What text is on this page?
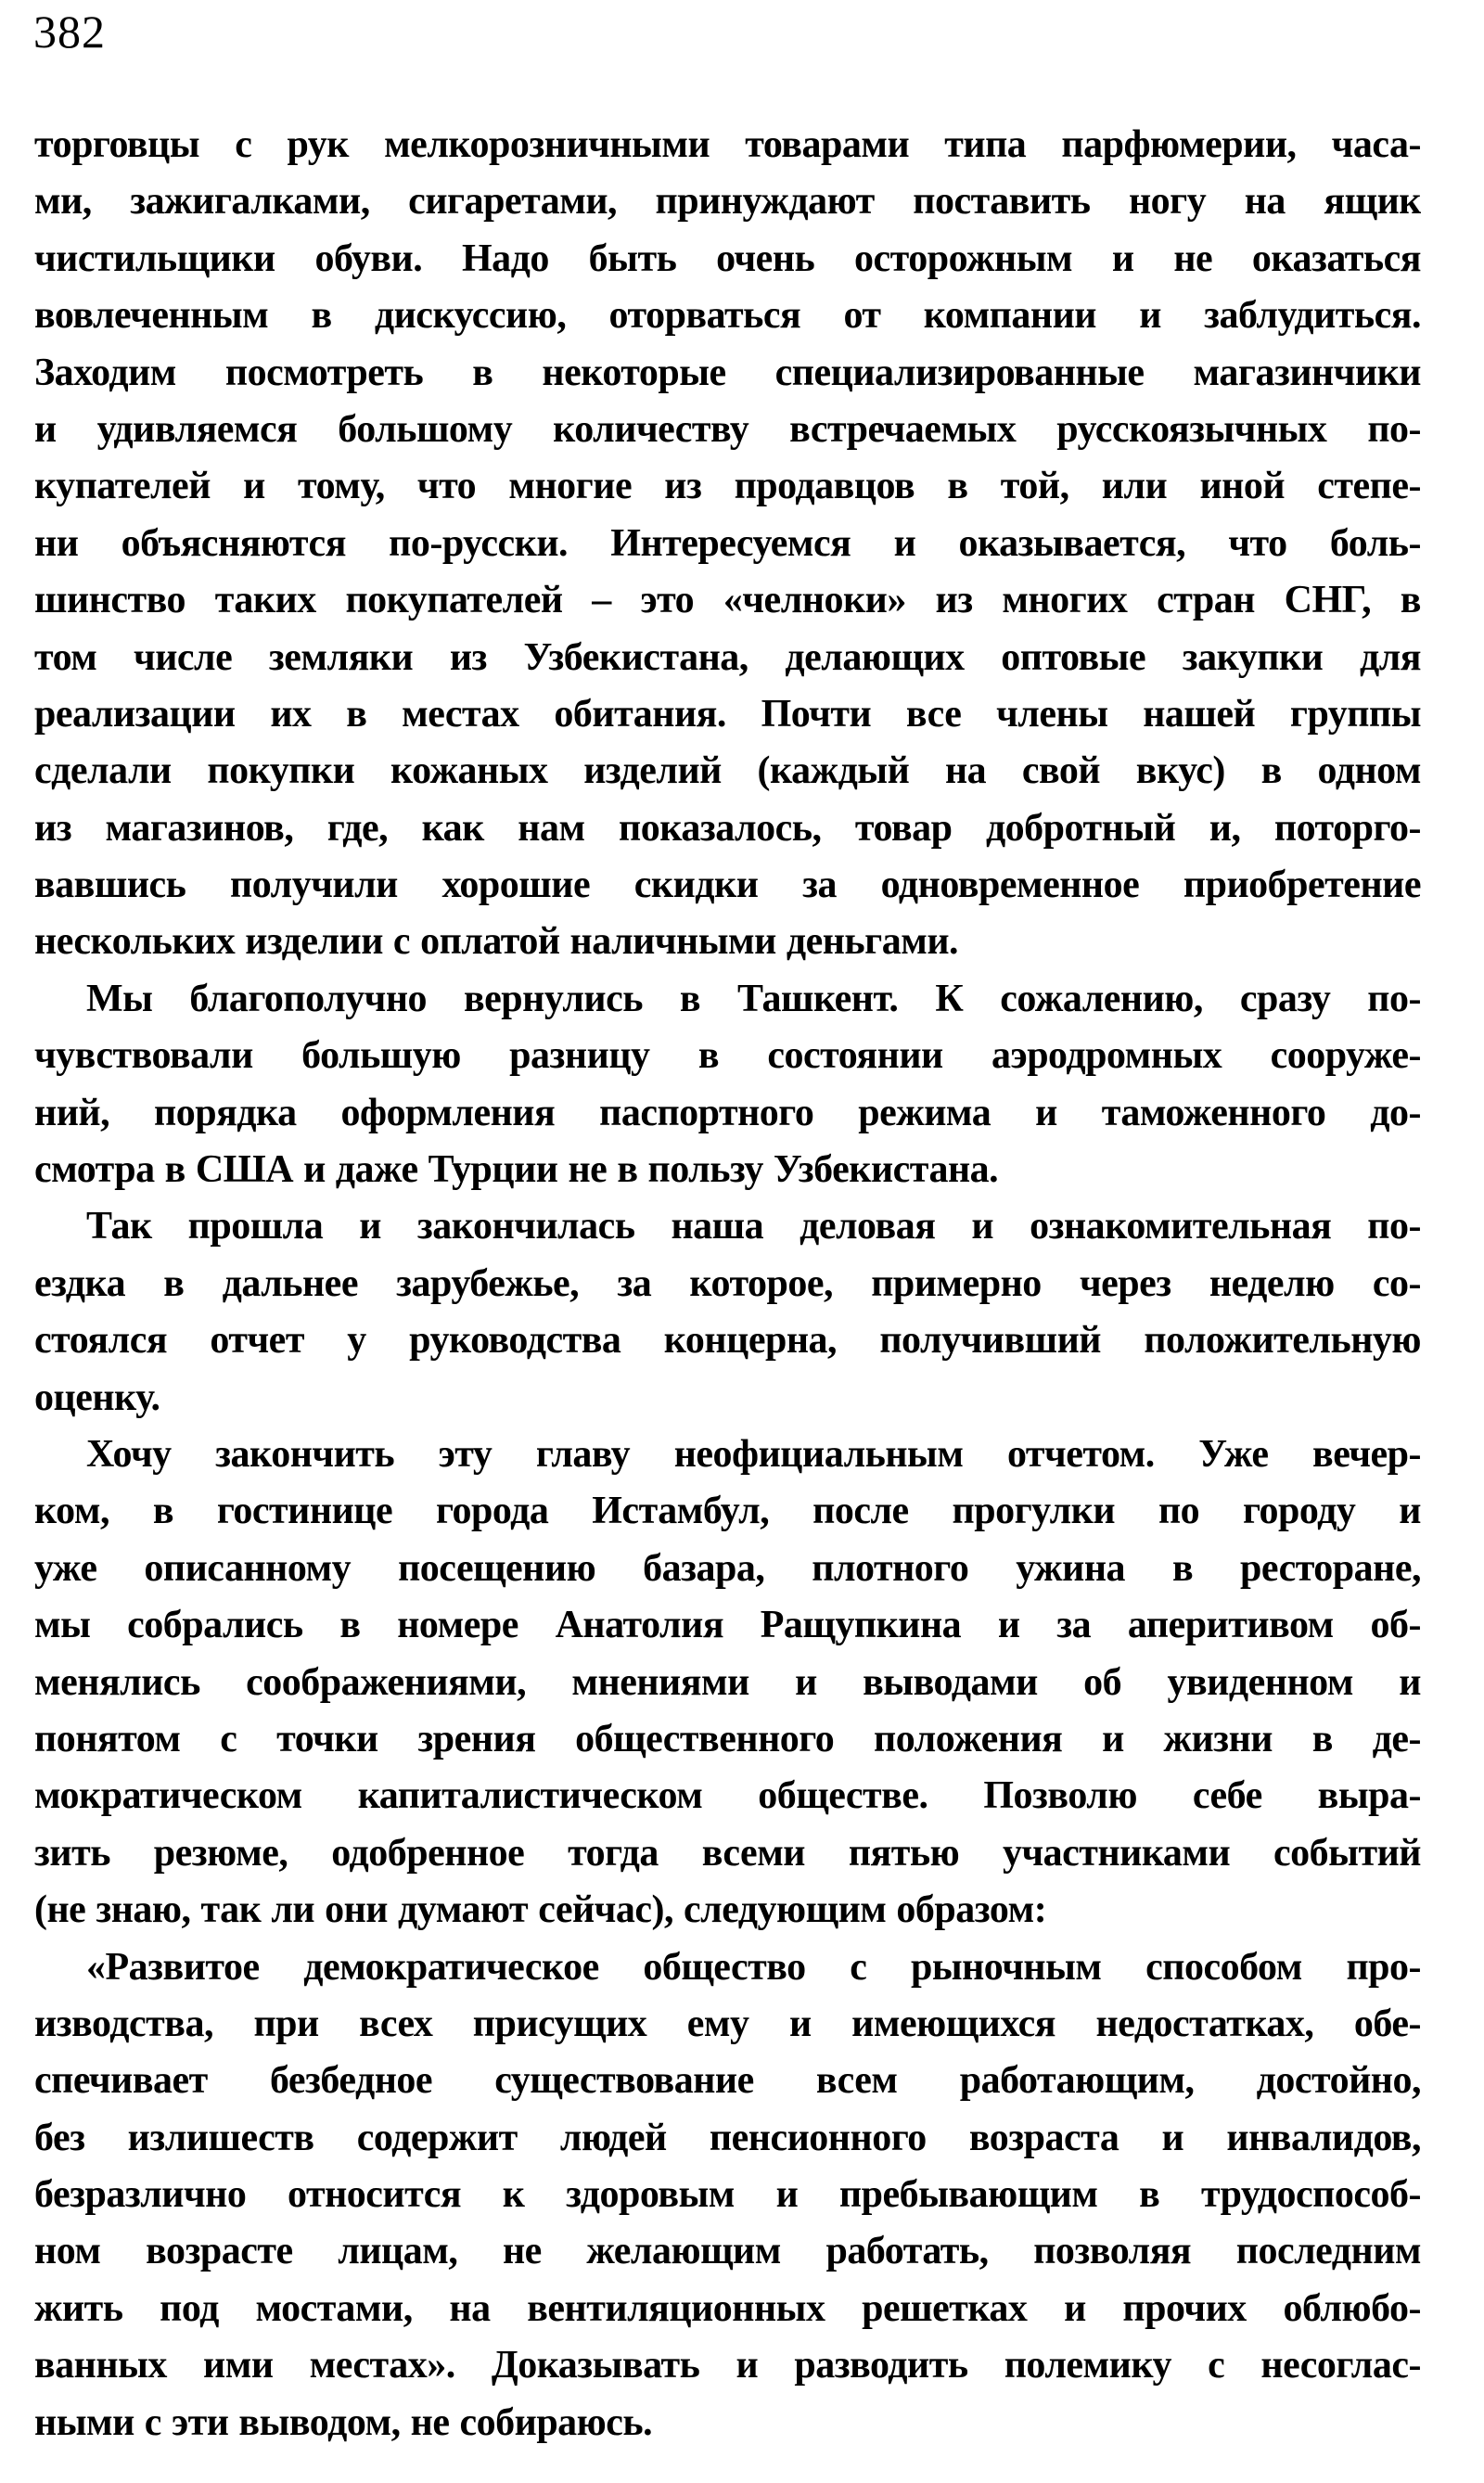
382
торговцы с рук мелкорозничными товарами типа парфюмерии, часа-
ми, зажигалками, сигаретами, принуждают поставить ногу на ящик
чистильщики обуви. Надо быть очень осторожным и не оказаться
вовлеченным в дискуссию, оторваться от компании и заблудиться.
Заходим посмотреть в некоторые специализированные магазинчики
и удивляемся большому количеству встречаемых русскоязычных по-
купателей и тому, что многие из продавцов в той, или иной степе-
ни объясняются по-русски. Интересуемся и оказывается, что боль-
шинство таких покупателей – это «челноки» из многих стран СНГ, в
том числе земляки из Узбекистана, делающих оптовые закупки для
реализации их в местах обитания. Почти все члены нашей группы
сделали покупки кожаных изделий (каждый на свой вкус) в одном
из магазинов, где, как нам показалось, товар добротный и, поторго-
вавшись получили хорошие скидки за одновременное приобретение
нескольких изделии с оплатой наличными деньгами.
Мы благополучно вернулись в Ташкент. К сожалению, сразу по-
чувствовали большую разницу в состоянии аэродромных сооруже-
ний, порядка оформления паспортного режима и таможенного до-
смотра в США и даже Турции не в пользу Узбекистана.
Так прошла и закончилась наша деловая и ознакомительная по-
ездка в дальнее зарубежье, за которое, примерно через неделю со-
стоялся отчет у руководства концерна, получивший положительную
оценку.
Хочу закончить эту главу неофициальным отчетом. Уже вечер-
ком, в гостинице города Истамбул, после прогулки по городу и
уже описанному посещению базара, плотного ужина в ресторане,
мы собрались в номере Анатолия Ращупкина и за аперитивом об-
менялись соображениями, мнениями и выводами об увиденном и
понятом с точки зрения общественного положения и жизни в де-
мократическом капиталистическом обществе. Позволю себе выра-
зить резюме, одобренное тогда всеми пятью участниками событий
(не знаю, так ли они думают сейчас), следующим образом:
«Развитое демократическое общество с рыночным способом про-
изводства, при всех присущих ему и имеющихся недостатках, обе-
спечивает безбедное существование всем работающим, достойно,
без излишеств содержит людей пенсионного возраста и инвалидов,
безразлично относится к здоровым и пребывающим в трудоспособ-
ном возрасте лицам, не желающим работать, позволяя последним
жить под мостами, на вентиляционных решетках и прочих облюбо-
ванных ими местах». Доказывать и разводить полемику с несоглас-
ными с эти выводом, не собираюсь.
